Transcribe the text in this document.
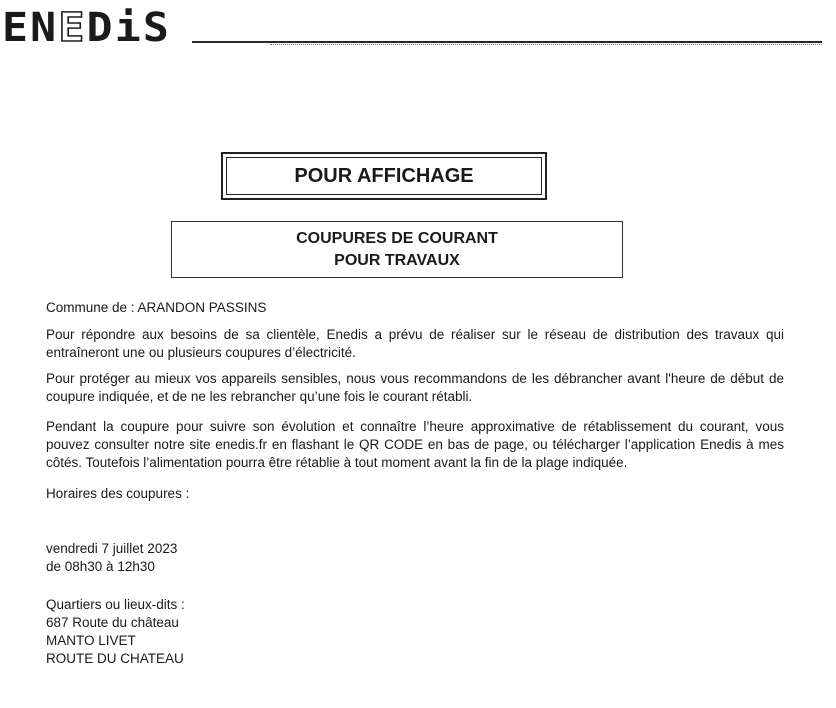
ENEDiS
POUR AFFICHAGE
COUPURES DE COURANT
POUR TRAVAUX
Commune de : ARANDON PASSINS
Pour répondre aux besoins de sa clientèle, Enedis a prévu de réaliser sur le réseau de distribution des travaux qui entraîneront une ou plusieurs coupures d’électricité.
Pour protéger au mieux vos appareils sensibles, nous vous recommandons de les débrancher avant l'heure de début de coupure indiquée, et de ne les rebrancher qu’une fois le courant rétabli.
Pendant la coupure pour suivre son évolution et connaître l’heure approximative de rétablissement du courant, vous pouvez consulter notre site enedis.fr en flashant le QR CODE en bas de page, ou télécharger l’application Enedis à mes côtés. Toutefois l’alimentation pourra être rétablie à tout moment avant la fin de la plage indiquée.
Horaires des coupures :
vendredi 7 juillet 2023
de 08h30 à 12h30
Quartiers ou lieux-dits :
687 Route du château
MANTO LIVET
ROUTE DU CHATEAU
